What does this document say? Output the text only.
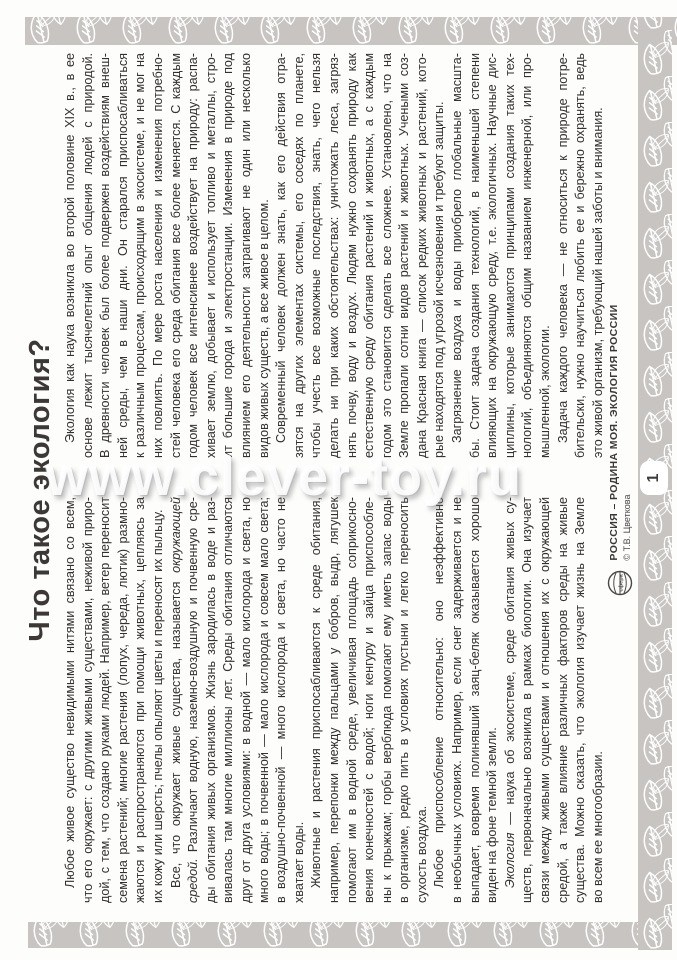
Что такое экология?
Любое живое существо невидимыми нитями связано со всем, что его окружает: с другими живыми существами, неживой приро- дой, с тем, что создано руками людей. Например, ветер переносит семена растений; многие растения (лопух, череда, лютик) размно- жаются и распространяются при помощи животных, цепляясь за их кожу или шерсть; пчелы опыляют цветы и переносят их пыльцу. Все, что окружает живые существа, называется окружающей
средой. Различают водную, наземно-воздушную и почвенную сре- ды обитания живых организмов. Жизнь зародилась в воде и раз- вивалась там многие миллионы лет. Среды обитания отличаются друг от друга условиями: в водной — мало кислорода и света, но много воды; в почвенной — мало кислорода и совсем мало света; в воздушно-почвенной — много кислорода и света, но часто не хватает воды. Животные и растения приспосабливаются к среде обитания, например, перепонки между пальцами у бобров, выдр, лягушек помогают им в водной среде, увеличивая площадь соприкосно- вения конечностей с водой; ноги кенгуру и зайца приспособле- ны к прыжкам; горбы верблюда помогают ему иметь запас воды в организме, редко пить в условиях пустыни и легко переносить сухость воздуха. Любое приспособление относительно: оно неэффективно в необычных условиях. Например, если снег задерживается и не выпадает, вовремя полинявший заяц-беляк оказывается хорошо виден на фоне темной земли. Экология — наука об экосистеме, среде обитания живых су- ществ, первоначально возникла в рамках биологии. Она изучает связи между живыми существами и отношения их с окружающей средой, а также влияние различных факторов среды на живые существа. Можно сказать, что экология изучает жизнь на Земле во всем ее многообразии.
Экология как наука возникла во второй половине XIX в., в ее основе лежит тысячелетний опыт общения людей с природой. В древности человек был более подвержен воздействиям внеш- ней среды, чем в наши дни. Он старался приспосабливаться к различным процессам, происходящим в экосистеме, и не мог на них повлиять. По мере роста населения и изменения потребно- стей человека его среда обитания все более меняется. С каждым годом человек все интенсивнее воздействует на природу: распа- хивает землю, добывает и использует топливо и металлы, стро- ит большие города и электростанции. Изменения в природе под влиянием его деятельности затрагивают не один или несколько видов живых существ, а все живое в целом. Современный человек должен знать, как его действия отра- зятся на других элементах системы, его соседях по планете, чтобы учесть все возможные последствия, знать, чего нельзя делать ни при каких обстоятельствах: уничтожать леса, загряз- нять почву, воду и воздух. Людям нужно сохранять природу как естественную среду обитания растений и животных, а с каждым годом это становится сделать все сложнее. Установлено, что на Земле пропали сотни видов растений и животных. Учеными соз- дана Красная книга — список редких животных и растений, кото- рые находятся под угрозой исчезновения и требуют защиты. Загрязнение воздуха и воды приобрело глобальные масшта- бы. Стоит задача создания технологий, в наименьшей степени влияющих на окружающую среду, т.е. экологичных. Научные дис- циплины, которые занимаются принципами создания таких тех- нологий, объединяются общим названием инженерной, или про- мышленной, экологии. Задача каждого человека — не относиться к природе потре- бительски, нужно научиться любить ее и бережно охранять, ведь это живой организм, требующий нашей заботы и внимания.
сфера
РОССИЯ – РОДИНА МОЯ. ЭКОЛОГИЯ РОССИИ © Т.В. Цветкова
1
www.clever-toy.ru
